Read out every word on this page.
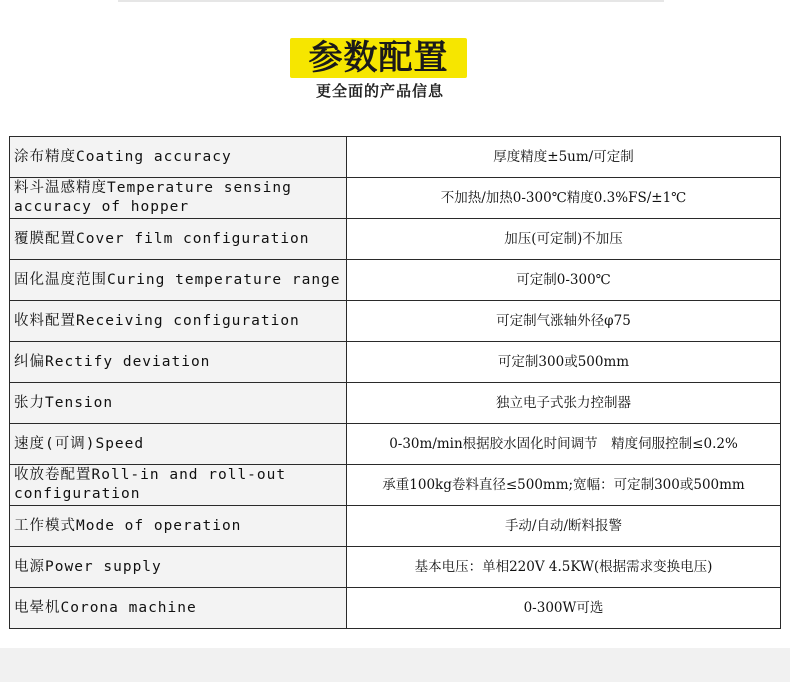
参数配置
更全面的产品信息
涂布精度Coating accuracy	厚度精度±5um/可定制
料斗温感精度Temperature sensing accuracy of hopper	不加热/加热0-300℃精度0.3%FS/±1℃
覆膜配置Cover film configuration	加压(可定制)不加压
固化温度范围Curing temperature range	可定制0-300℃
收料配置Receiving configuration	可定制气涨轴外径φ75
纠偏Rectify deviation	可定制300或500mm
张力Tension	独立电子式张力控制器
速度(可调)Speed	0-30m/min根据胶水固化时间调节　精度伺服控制≤0.2%
收放卷配置Roll-in and roll-out configuration	承重100kg卷料直径≤500mm;宽幅：可定制300或500mm
工作模式Mode of operation	手动/自动/断料报警
电源Power supply	基本电压：单相220V 4.5KW(根据需求变换电压)
电晕机Corona machine	0-300W可选
